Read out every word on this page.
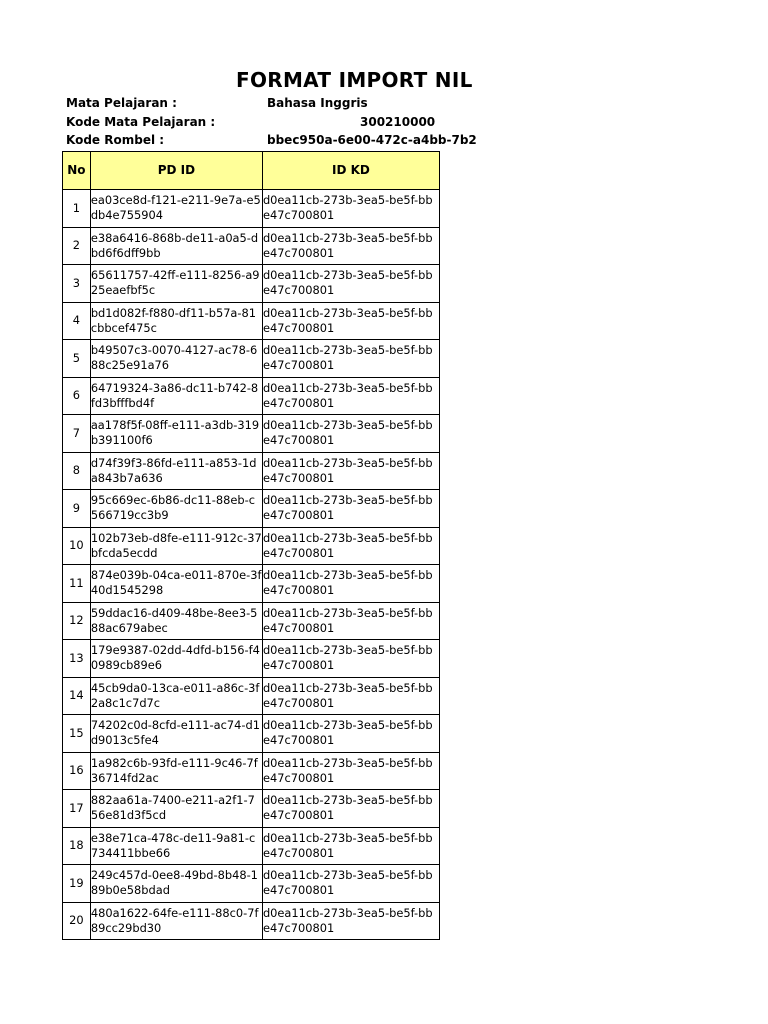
FORMAT IMPORT NIL
Mata Pelajaran :	Bahasa Inggris
Kode Mata Pelajaran :	300210000
Kode Rombel :	bbec950a-6e00-472c-a4bb-7b2
No	PD ID	ID KD
1	ea03ce8d-f121-e211-9e7a-e5db4e755904	d0ea11cb-273b-3ea5-be5f-bbe47c700801
2	e38a6416-868b-de11-a0a5-dbd6f6dff9bb	d0ea11cb-273b-3ea5-be5f-bbe47c700801
3	65611757-42ff-e111-8256-a925eaefbf5c	d0ea11cb-273b-3ea5-be5f-bbe47c700801
4	bd1d082f-f880-df11-b57a-81cbbcef475c	d0ea11cb-273b-3ea5-be5f-bbe47c700801
5	b49507c3-0070-4127-ac78-688c25e91a76	d0ea11cb-273b-3ea5-be5f-bbe47c700801
6	64719324-3a86-dc11-b742-8fd3bfffbd4f	d0ea11cb-273b-3ea5-be5f-bbe47c700801
7	aa178f5f-08ff-e111-a3db-319b391100f6	d0ea11cb-273b-3ea5-be5f-bbe47c700801
8	d74f39f3-86fd-e111-a853-1da843b7a636	d0ea11cb-273b-3ea5-be5f-bbe47c700801
9	95c669ec-6b86-dc11-88eb-c566719cc3b9	d0ea11cb-273b-3ea5-be5f-bbe47c700801
10	102b73eb-d8fe-e111-912c-37bfcda5ecdd	d0ea11cb-273b-3ea5-be5f-bbe47c700801
11	874e039b-04ca-e011-870e-3f40d1545298	d0ea11cb-273b-3ea5-be5f-bbe47c700801
12	59ddac16-d409-48be-8ee3-588ac679abec	d0ea11cb-273b-3ea5-be5f-bbe47c700801
13	179e9387-02dd-4dfd-b156-f40989cb89e6	d0ea11cb-273b-3ea5-be5f-bbe47c700801
14	45cb9da0-13ca-e011-a86c-3f2a8c1c7d7c	d0ea11cb-273b-3ea5-be5f-bbe47c700801
15	74202c0d-8cfd-e111-ac74-d1d9013c5fe4	d0ea11cb-273b-3ea5-be5f-bbe47c700801
16	1a982c6b-93fd-e111-9c46-7f36714fd2ac	d0ea11cb-273b-3ea5-be5f-bbe47c700801
17	882aa61a-7400-e211-a2f1-756e81d3f5cd	d0ea11cb-273b-3ea5-be5f-bbe47c700801
18	e38e71ca-478c-de11-9a81-c734411bbe66	d0ea11cb-273b-3ea5-be5f-bbe47c700801
19	249c457d-0ee8-49bd-8b48-189b0e58bdad	d0ea11cb-273b-3ea5-be5f-bbe47c700801
20	480a1622-64fe-e111-88c0-7f89cc29bd30	d0ea11cb-273b-3ea5-be5f-bbe47c700801
